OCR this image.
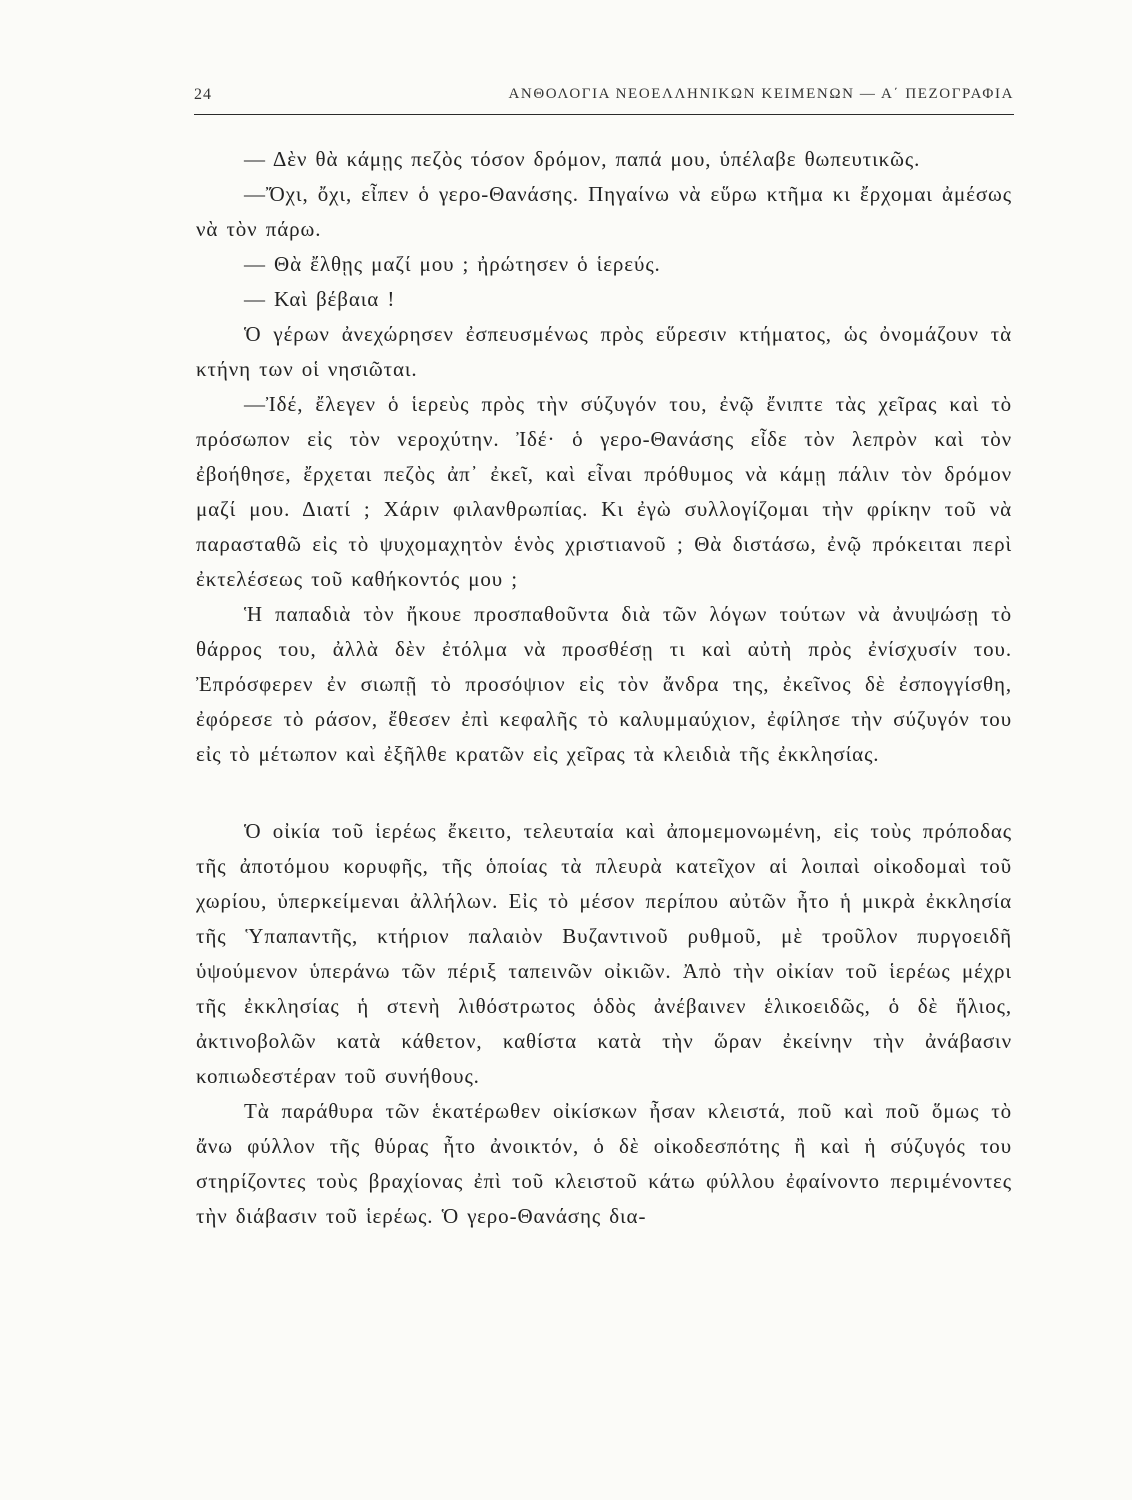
24	ΑΝΘΟΛΟΓΙΑ ΝΕΟΕΛΛΗΝΙΚΩΝ ΚΕΙΜΕΝΩΝ — Α΄ ΠΕΖΟΓΡΑΦΙΑ

— Δὲν θὰ κάμῃς πεζὸς τόσον δρόμον, παπά μου, ὑπέλαβε θωπευτικῶς.

—Ὄχι, ὄχι, εἶπεν ὁ γερο-Θανάσης. Πηγαίνω νὰ εὕρω κτῆμα κι ἔρχομαι ἀμέσως νὰ τὸν πάρω.

— Θὰ ἔλθῃς μαζί μου ; ἠρώτησεν ὁ ἱερεύς.

— Καὶ βέβαια !

Ὁ γέρων ἀνεχώρησεν ἐσπευσμένως πρὸς εὕρεσιν κτήματος, ὡς ὀνομάζουν τὰ κτήνη των οἱ νησιῶται.

—Ἰδέ, ἔλεγεν ὁ ἱερεὺς πρὸς τὴν σύζυγόν του, ἐνῷ ἔνιπτε τὰς χεῖρας καὶ τὸ πρόσωπον εἰς τὸν νεροχύτην. Ἰδέ· ὁ γερο-Θανάσης εἶδε τὸν λεπρὸν καὶ τὸν ἐβοήθησε, ἔρχεται πεζὸς ἀπ᾿ ἐκεῖ, καὶ εἶναι πρόθυμος νὰ κάμῃ πάλιν τὸν δρόμον μαζί μου. Διατί ; Χάριν φιλανθρωπίας. Κι ἐγὼ συλλογίζομαι τὴν φρίκην τοῦ νὰ παρασταθῶ εἰς τὸ ψυχομαχητὸν ἑνὸς χριστιανοῦ ; Θὰ διστάσω, ἐνῷ πρόκειται περὶ ἐκτελέσεως τοῦ καθήκοντός μου ;

Ἡ παπαδιὰ τὸν ἤκουε προσπαθοῦντα διὰ τῶν λόγων τούτων νὰ ἀνυψώσῃ τὸ θάρρος του, ἀλλὰ δὲν ἐτόλμα νὰ προσθέσῃ τι καὶ αὐτὴ πρὸς ἐνίσχυσίν του. Ἐπρόσφερεν ἐν σιωπῇ τὸ προσόψιον εἰς τὸν ἄνδρα της, ἐκεῖνος δὲ ἐσπογγίσθη, ἐφόρεσε τὸ ράσον, ἔθεσεν ἐπὶ κεφαλῆς τὸ καλυμμαύχιον, ἐφίλησε τὴν σύζυγόν του εἰς τὸ μέτωπον καὶ ἐξῆλθε κρατῶν εἰς χεῖρας τὰ κλειδιὰ τῆς ἐκκλησίας.

Ὁ οἰκία τοῦ ἱερέως ἔκειτο, τελευταία καὶ ἀπομεμονωμένη, εἰς τοὺς πρόποδας τῆς ἀποτόμου κορυφῆς, τῆς ὁποίας τὰ πλευρὰ κατεῖχον αἱ λοιπαὶ οἰκοδομαὶ τοῦ χωρίου, ὑπερκείμεναι ἀλλήλων. Εἰς τὸ μέσον περίπου αὐτῶν ἦτο ἡ μικρὰ ἐκκλησία τῆς Ὑπαπαντῆς, κτήριον παλαιὸν Βυζαντινοῦ ρυθμοῦ, μὲ τροῦλον πυργοειδῆ ὑψούμενον ὑπεράνω τῶν πέριξ ταπεινῶν οἰκιῶν. Ἀπὸ τὴν οἰκίαν τοῦ ἱερέως μέχρι τῆς ἐκκλησίας ἡ στενὴ λιθόστρωτος ὁδὸς ἀνέβαινεν ἑλικοειδῶς, ὁ δὲ ἥλιος, ἀκτινοβολῶν κατὰ κάθετον, καθίστα κατὰ τὴν ὥραν ἐκείνην τὴν ἀνάβασιν κοπιωδεστέραν τοῦ συνήθους.

Τὰ παράθυρα τῶν ἑκατέρωθεν οἰκίσκων ἦσαν κλειστά, ποῦ καὶ ποῦ ὅμως τὸ ἄνω φύλλον τῆς θύρας ἦτο ἀνοικτόν, ὁ δὲ οἰκοδεσπότης ἢ καὶ ἡ σύζυγός του στηρίζοντες τοὺς βραχίονας ἐπὶ τοῦ κλειστοῦ κάτω φύλλου ἐφαίνοντο περιμένοντες τὴν διάβασιν τοῦ ἱερέως. Ὁ γερο-Θανάσης δια-
